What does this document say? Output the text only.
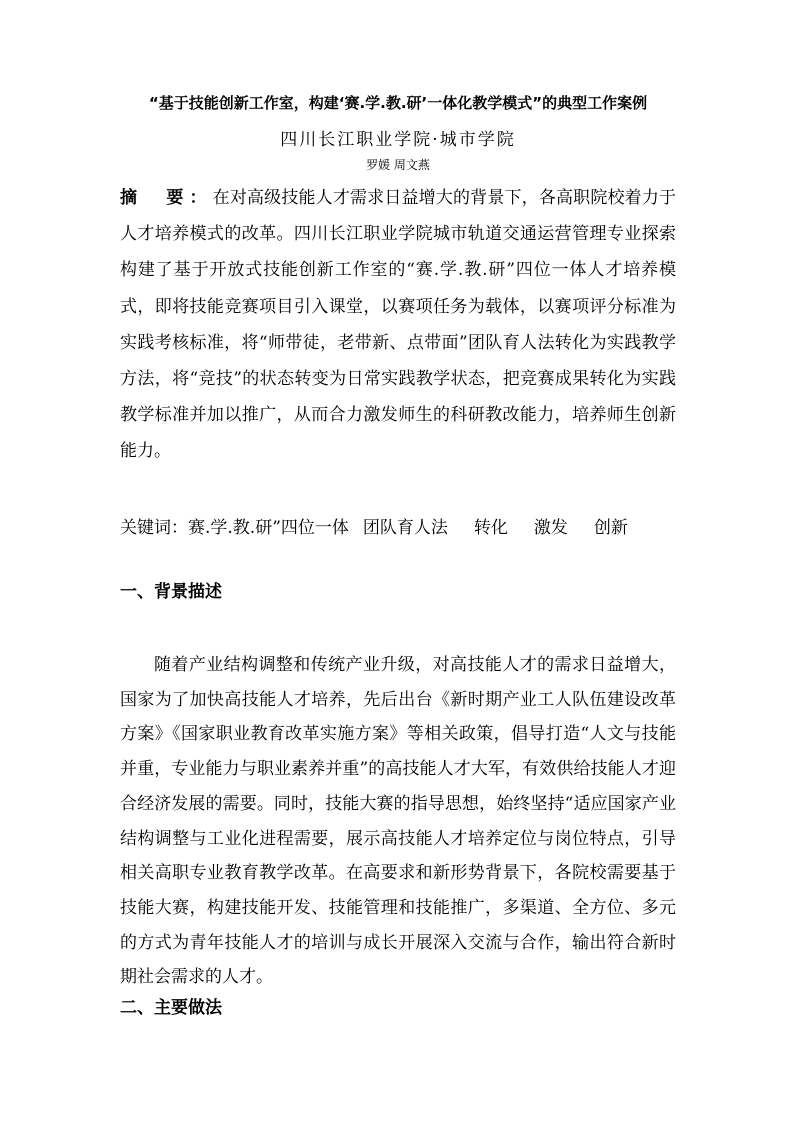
“基于技能创新工作室，构建‘赛.学.教.研’一体化教学模式”的典型工作案例
四川长江职业学院·城市学院
罗媛 周文燕
摘　要：在对高级技能人才需求日益增大的背景下，各高职院校着力于人才培养模式的改革。四川长江职业学院城市轨道交通运营管理专业探索构建了基于开放式技能创新工作室的“赛.学.教.研”四位一体人才培养模式，即将技能竞赛项目引入课堂，以赛项任务为载体，以赛项评分标准为实践考核标准，将“师带徒，老带新、点带面”团队育人法转化为实践教学方法，将“竞技”的状态转变为日常实践教学状态，把竞赛成果转化为实践教学标准并加以推广，从而合力激发师生的科研教改能力，培养师生创新能力。
关键词：赛.学.教.研”四位一体 团队育人法 转化 激发 创新
一、背景描述
随着产业结构调整和传统产业升级，对高技能人才的需求日益增大，国家为了加快高技能人才培养，先后出台《新时期产业工人队伍建设改革方案》《国家职业教育改革实施方案》等相关政策，倡导打造“人文与技能并重，专业能力与职业素养并重”的高技能人才大军，有效供给技能人才迎合经济发展的需要。同时，技能大赛的指导思想，始终坚持“适应国家产业结构调整与工业化进程需要，展示高技能人才培养定位与岗位特点，引导相关高职专业教育教学改革。在高要求和新形势背景下，各院校需要基于技能大赛，构建技能开发、技能管理和技能推广，多渠道、全方位、多元的方式为青年技能人才的培训与成长开展深入交流与合作，输出符合新时期社会需求的人才。
二、主要做法
